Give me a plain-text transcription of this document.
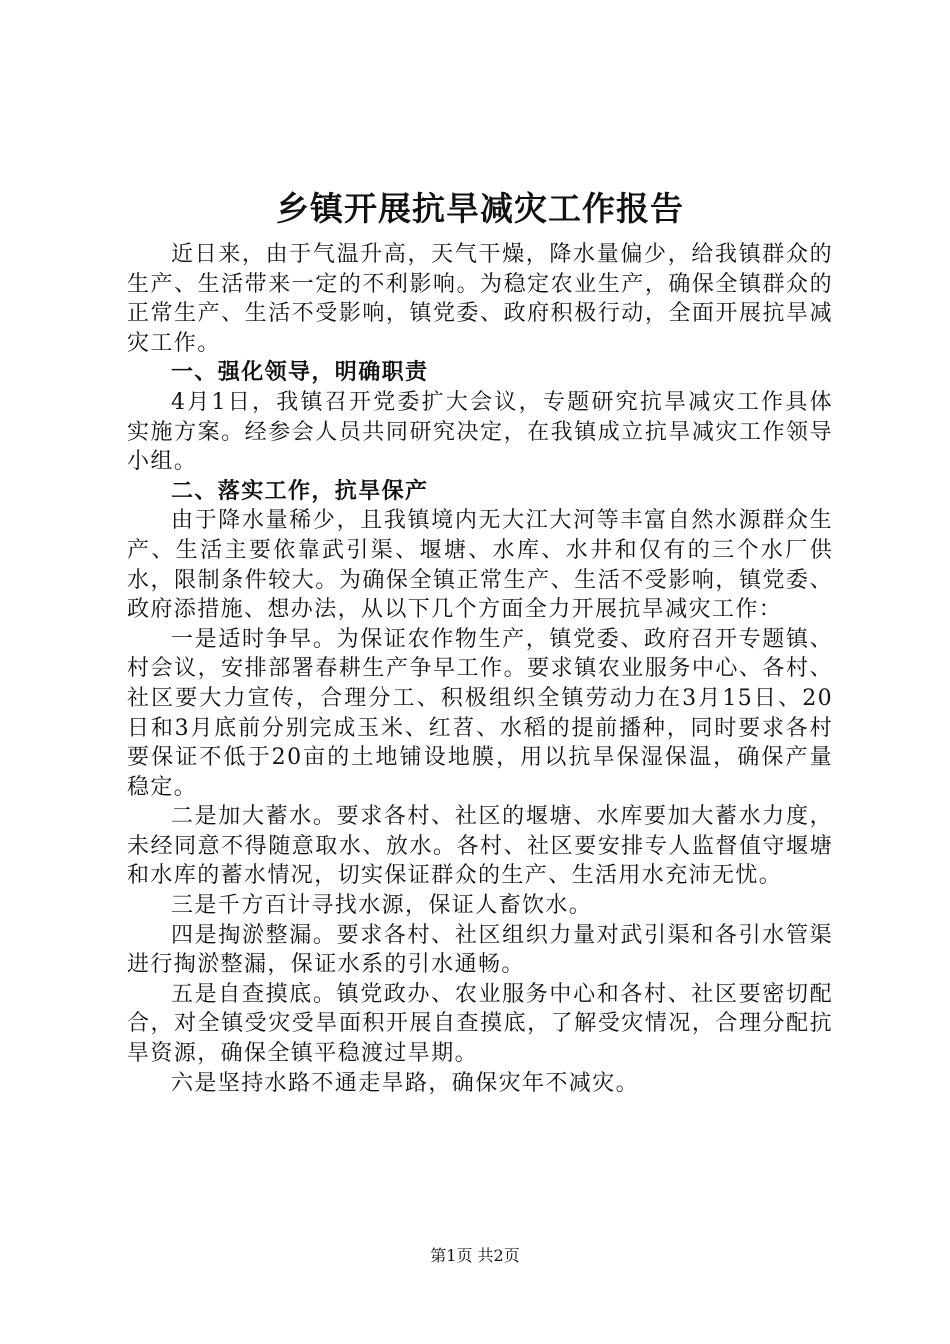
乡镇开展抗旱减灾工作报告

近日来，由于气温升高，天气干燥，降水量偏少，给我镇群众的生产、生活带来一定的不利影响。为稳定农业生产，确保全镇群众的正常生产、生活不受影响，镇党委、政府积极行动，全面开展抗旱减灾工作。

一、强化领导，明确职责

4月1日，我镇召开党委扩大会议，专题研究抗旱减灾工作具体实施方案。经参会人员共同研究决定，在我镇成立抗旱减灾工作领导小组。

二、落实工作，抗旱保产

由于降水量稀少，且我镇境内无大江大河等丰富自然水源群众生产、生活主要依靠武引渠、堰塘、水库、水井和仅有的三个水厂供水，限制条件较大。为确保全镇正常生产、生活不受影响，镇党委、政府添措施、想办法，从以下几个方面全力开展抗旱减灾工作：

一是适时争早。为保证农作物生产，镇党委、政府召开专题镇、村会议，安排部署春耕生产争早工作。要求镇农业服务中心、各村、社区要大力宣传，合理分工、积极组织全镇劳动力在3月15日、20日和3月底前分别完成玉米、红苕、水稻的提前播种，同时要求各村要保证不低于20亩的土地铺设地膜，用以抗旱保湿保温，确保产量稳定。

二是加大蓄水。要求各村、社区的堰塘、水库要加大蓄水力度，未经同意不得随意取水、放水。各村、社区要安排专人监督值守堰塘和水库的蓄水情况，切实保证群众的生产、生活用水充沛无忧。

三是千方百计寻找水源，保证人畜饮水。

四是掏淤整漏。要求各村、社区组织力量对武引渠和各引水管渠进行掏淤整漏，保证水系的引水通畅。

五是自查摸底。镇党政办、农业服务中心和各村、社区要密切配合，对全镇受灾受旱面积开展自查摸底，了解受灾情况，合理分配抗旱资源，确保全镇平稳渡过旱期。

六是坚持水路不通走旱路，确保灾年不减灾。

第1页 共2页
